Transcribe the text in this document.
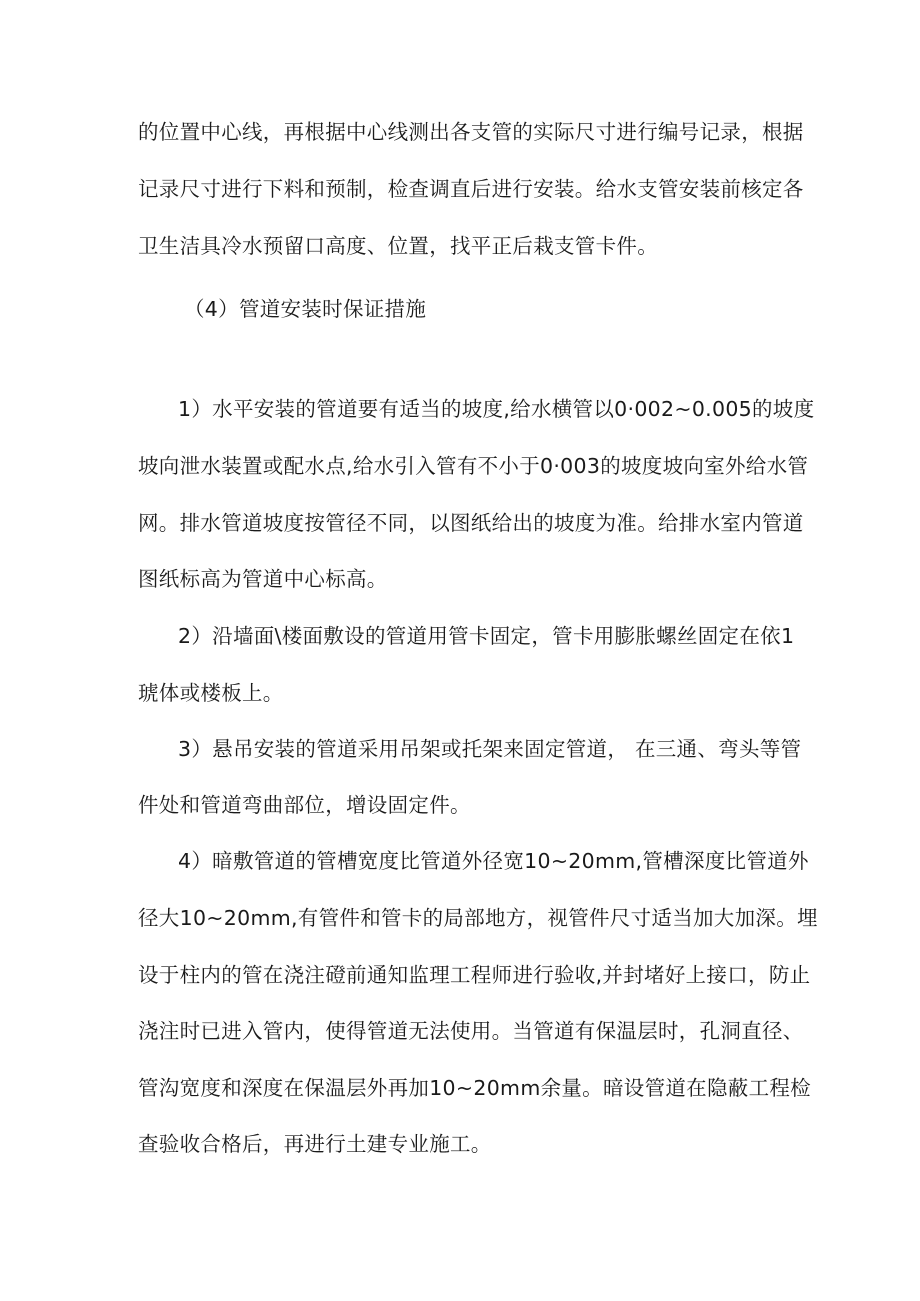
的位置中心线，再根据中心线测出各支管的实际尺寸进行编号记录，根据
记录尺寸进行下料和预制，检查调直后进行安装。给水支管安装前核定各
卫生洁具冷水预留口高度、位置，找平正后栽支管卡件。
（4）管道安装时保证措施
1）水平安装的管道要有适当的坡度,给水横管以0·002~0.005的坡度
坡向泄水装置或配水点,给水引入管有不小于0·003的坡度坡向室外给水管
网。排水管道坡度按管径不同，以图纸给出的坡度为准。给排水室内管道
图纸标高为管道中心标高。
2）沿墙面\楼面敷设的管道用管卡固定，管卡用膨胀螺丝固定在依1
琥体或楼板上。
3）悬吊安装的管道采用吊架或托架来固定管道， 在三通、弯头等管
件处和管道弯曲部位，增设固定件。
4）暗敷管道的管槽宽度比管道外径宽10~20mm,管槽深度比管道外
径大10~20mm,有管件和管卡的局部地方，视管件尺寸适当加大加深。埋
设于柱内的管在浇注磴前通知监理工程师进行验收,并封堵好上接口，防止
浇注时已进入管内，使得管道无法使用。当管道有保温层时，孔洞直径、
管沟宽度和深度在保温层外再加10~20mm余量。暗设管道在隐蔽工程检
查验收合格后，再进行土建专业施工。
